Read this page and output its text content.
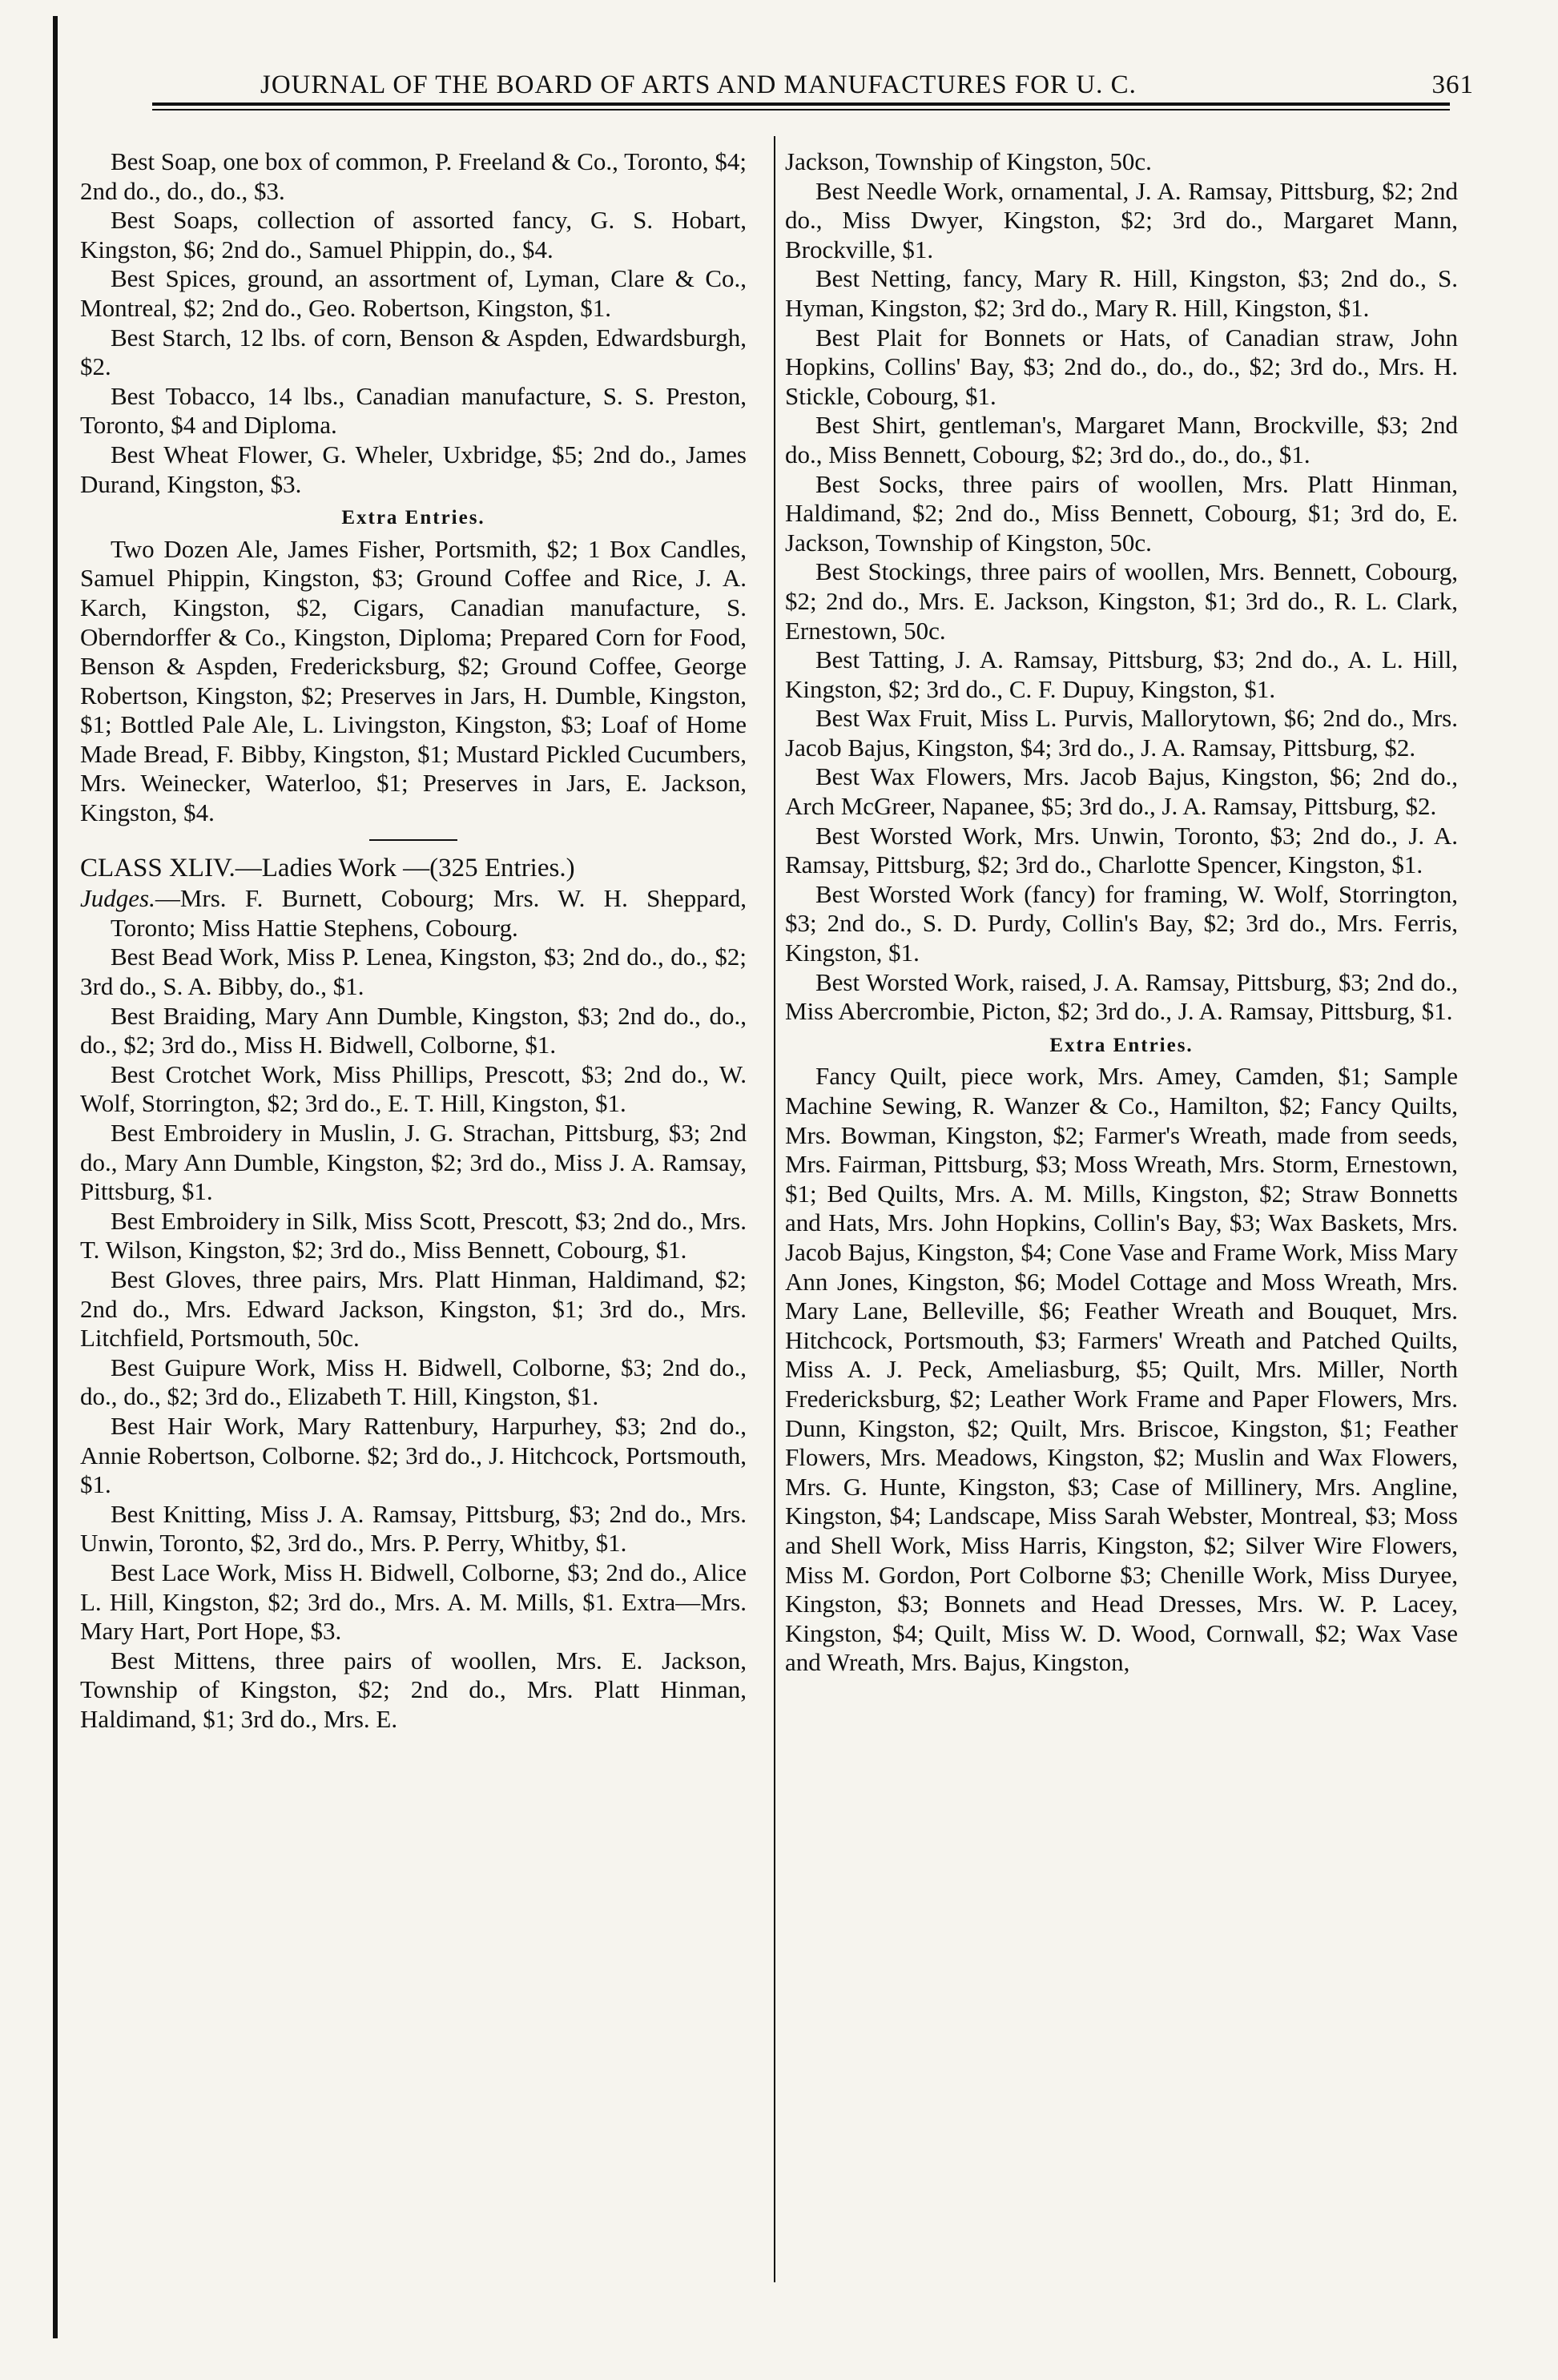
JOURNAL OF THE BOARD OF ARTS AND MANUFACTURES FOR U. C.	361

Best Soap, one box of common, P. Freeland & Co., Toronto, $4; 2nd do., do., do., $3.

Best Soaps, collection of assorted fancy, G. S. Hobart, Kingston, $6; 2nd do., Samuel Phippin, do., $4.

Best Spices, ground, an assortment of, Lyman, Clare & Co., Montreal, $2; 2nd do., Geo. Robertson, Kingston, $1.

Best Starch, 12 lbs. of corn, Benson & Aspden, Edwardsburgh, $2.

Best Tobacco, 14 lbs., Canadian manufacture, S. S. Preston, Toronto, $4 and Diploma.

Best Wheat Flower, G. Wheler, Uxbridge, $5; 2nd do., James Durand, Kingston, $3.

Extra Entries.

Two Dozen Ale, James Fisher, Portsmith, $2; 1 Box Candles, Samuel Phippin, Kingston, $3; Ground Coffee and Rice, J. A. Karch, Kingston, $2, Cigars, Canadian manufacture, S. Oberndorffer & Co., Kingston, Diploma; Prepared Corn for Food, Benson & Aspden, Fredericksburg, $2; Ground Coffee, George Robertson, Kingston, $2; Preserves in Jars, H. Dumble, Kingston, $1; Bottled Pale Ale, L. Livingston, Kingston, $3; Loaf of Home Made Bread, F. Bibby, Kingston, $1; Mustard Pickled Cucumbers, Mrs. Weinecker, Waterloo, $1; Preserves in Jars, E. Jackson, Kingston, $4.

CLASS XLIV.—Ladies Work —(325 Entries.)

Judges.—Mrs. F. Burnett, Cobourg; Mrs. W. H. Sheppard, Toronto; Miss Hattie Stephens, Cobourg.

Best Bead Work, Miss P. Lenea, Kingston, $3; 2nd do., do., $2; 3rd do., S. A. Bibby, do., $1.

Best Braiding, Mary Ann Dumble, Kingston, $3; 2nd do., do., do., $2; 3rd do., Miss H. Bidwell, Colborne, $1.

Best Crotchet Work, Miss Phillips, Prescott, $3; 2nd do., W. Wolf, Storrington, $2; 3rd do., E. T. Hill, Kingston, $1.

Best Embroidery in Muslin, J. G. Strachan, Pittsburg, $3; 2nd do., Mary Ann Dumble, Kingston, $2; 3rd do., Miss J. A. Ramsay, Pittsburg, $1.

Best Embroidery in Silk, Miss Scott, Prescott, $3; 2nd do., Mrs. T. Wilson, Kingston, $2; 3rd do., Miss Bennett, Cobourg, $1.

Best Gloves, three pairs, Mrs. Platt Hinman, Haldimand, $2; 2nd do., Mrs. Edward Jackson, Kingston, $1; 3rd do., Mrs. Litchfield, Portsmouth, 50c.

Best Guipure Work, Miss H. Bidwell, Colborne, $3; 2nd do., do., do., $2; 3rd do., Elizabeth T. Hill, Kingston, $1.

Best Hair Work, Mary Rattenbury, Harpurhey, $3; 2nd do., Annie Robertson, Colborne. $2; 3rd do., J. Hitchcock, Portsmouth, $1.

Best Knitting, Miss J. A. Ramsay, Pittsburg, $3; 2nd do., Mrs. Unwin, Toronto, $2, 3rd do., Mrs. P. Perry, Whitby, $1.

Best Lace Work, Miss H. Bidwell, Colborne, $3; 2nd do., Alice L. Hill, Kingston, $2; 3rd do., Mrs. A. M. Mills, $1. Extra—Mrs. Mary Hart, Port Hope, $3.

Best Mittens, three pairs of woollen, Mrs. E. Jackson, Township of Kingston, $2; 2nd do., Mrs. Platt Hinman, Haldimand, $1; 3rd do., Mrs. E.

Jackson, Township of Kingston, 50c.

Best Needle Work, ornamental, J. A. Ramsay, Pittsburg, $2; 2nd do., Miss Dwyer, Kingston, $2; 3rd do., Margaret Mann, Brockville, $1.

Best Netting, fancy, Mary R. Hill, Kingston, $3; 2nd do., S. Hyman, Kingston, $2; 3rd do., Mary R. Hill, Kingston, $1.

Best Plait for Bonnets or Hats, of Canadian straw, John Hopkins, Collins' Bay, $3; 2nd do., do., do., $2; 3rd do., Mrs. H. Stickle, Cobourg, $1.

Best Shirt, gentleman's, Margaret Mann, Brockville, $3; 2nd do., Miss Bennett, Cobourg, $2; 3rd do., do., do., $1.

Best Socks, three pairs of woollen, Mrs. Platt Hinman, Haldimand, $2; 2nd do., Miss Bennett, Cobourg, $1; 3rd do, E. Jackson, Township of Kingston, 50c.

Best Stockings, three pairs of woollen, Mrs. Bennett, Cobourg, $2; 2nd do., Mrs. E. Jackson, Kingston, $1; 3rd do., R. L. Clark, Ernestown, 50c.

Best Tatting, J. A. Ramsay, Pittsburg, $3; 2nd do., A. L. Hill, Kingston, $2; 3rd do., C. F. Dupuy, Kingston, $1.

Best Wax Fruit, Miss L. Purvis, Mallorytown, $6; 2nd do., Mrs. Jacob Bajus, Kingston, $4; 3rd do., J. A. Ramsay, Pittsburg, $2.

Best Wax Flowers, Mrs. Jacob Bajus, Kingston, $6; 2nd do., Arch McGreer, Napanee, $5; 3rd do., J. A. Ramsay, Pittsburg, $2.

Best Worsted Work, Mrs. Unwin, Toronto, $3; 2nd do., J. A. Ramsay, Pittsburg, $2; 3rd do., Charlotte Spencer, Kingston, $1.

Best Worsted Work (fancy) for framing, W. Wolf, Storrington, $3; 2nd do., S. D. Purdy, Collin's Bay, $2; 3rd do., Mrs. Ferris, Kingston, $1.

Best Worsted Work, raised, J. A. Ramsay, Pittsburg, $3; 2nd do., Miss Abercrombie, Picton, $2; 3rd do., J. A. Ramsay, Pittsburg, $1.

Extra Entries.

Fancy Quilt, piece work, Mrs. Amey, Camden, $1; Sample Machine Sewing, R. Wanzer & Co., Hamilton, $2; Fancy Quilts, Mrs. Bowman, Kingston, $2; Farmer's Wreath, made from seeds, Mrs. Fairman, Pittsburg, $3; Moss Wreath, Mrs. Storm, Ernestown, $1; Bed Quilts, Mrs. A. M. Mills, Kingston, $2; Straw Bonnetts and Hats, Mrs. John Hopkins, Collin's Bay, $3; Wax Baskets, Mrs. Jacob Bajus, Kingston, $4; Cone Vase and Frame Work, Miss Mary Ann Jones, Kingston, $6; Model Cottage and Moss Wreath, Mrs. Mary Lane, Belleville, $6; Feather Wreath and Bouquet, Mrs. Hitchcock, Portsmouth, $3; Farmers' Wreath and Patched Quilts, Miss A. J. Peck, Ameliasburg, $5; Quilt, Mrs. Miller, North Fredericksburg, $2; Leather Work Frame and Paper Flowers, Mrs. Dunn, Kingston, $2; Quilt, Mrs. Briscoe, Kingston, $1; Feather Flowers, Mrs. Meadows, Kingston, $2; Muslin and Wax Flowers, Mrs. G. Hunte, Kingston, $3; Case of Millinery, Mrs. Angline, Kingston, $4; Landscape, Miss Sarah Webster, Montreal, $3; Moss and Shell Work, Miss Harris, Kingston, $2; Silver Wire Flowers, Miss M. Gordon, Port Colborne $3; Chenille Work, Miss Duryee, Kingston, $3; Bonnets and Head Dresses, Mrs. W. P. Lacey, Kingston, $4; Quilt, Miss W. D. Wood, Cornwall, $2; Wax Vase and Wreath, Mrs. Bajus, Kingston,
